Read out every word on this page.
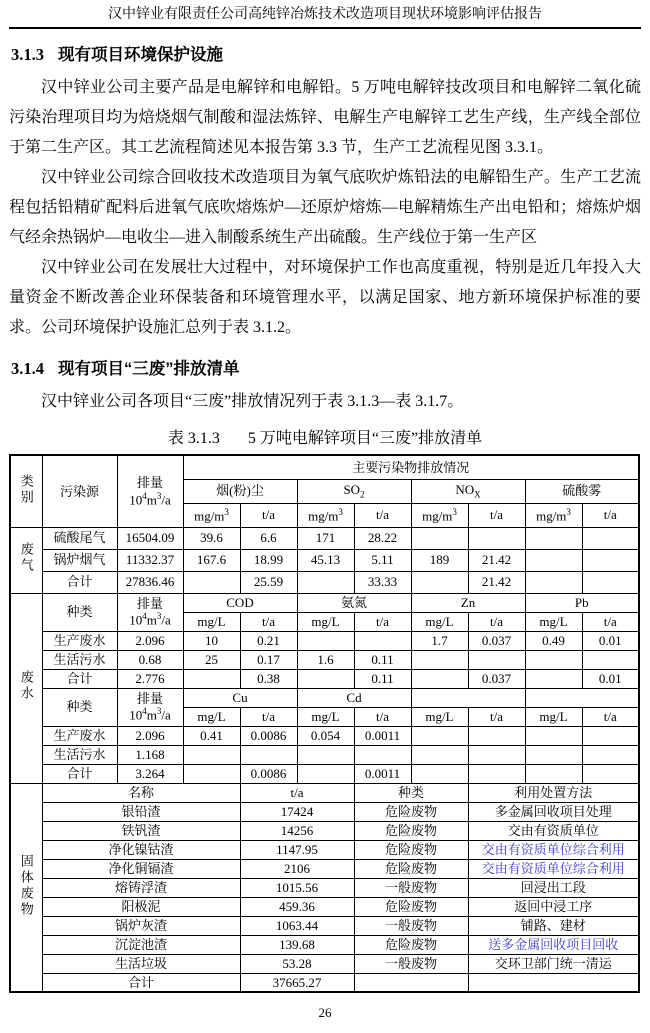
汉中锌业有限责任公司高纯锌冶炼技术改造项目现状环境影响评估报告
3.1.3 现有项目环境保护设施

汉中锌业公司主要产品是电解锌和电解铅。5 万吨电解锌技改项目和电解锌二氧化硫污染治理项目均为焙烧烟气制酸和湿法炼锌、电解生产电解锌工艺生产线，生产线全部位于第二生产区。其工艺流程简述见本报告第 3.3 节，生产工艺流程见图 3.3.1。

汉中锌业公司综合回收技术改造项目为氧气底吹炉炼铅法的电解铅生产。生产工艺流程包括铅精矿配料后进氧气底吹熔炼炉—还原炉熔炼—电解精炼生产出电铅和；熔炼炉烟气经余热锅炉—电收尘—进入制酸系统生产出硫酸。生产线位于第一生产区

汉中锌业公司在发展壮大过程中，对环境保护工作也高度重视，特别是近几年投入大量资金不断改善企业环保装备和环境管理水平，以满足国家、地方新环境保护标准的要求。公司环境保护设施汇总列于表 3.1.2。

3.1.4 现有项目“三废”排放清单

汉中锌业公司各项目“三废”排放情况列于表 3.1.3—表 3.1.7。

表 3.1.3 5 万吨电解锌项目“三废”排放清单
类别	污染源	排量
$10^4m^3/a$	主要污染物排放情况							
			烟(粉)尘		$SO_2$		$NO_X$		硫酸雾	
			$mg/m^3$	t/a	$mg/m^3$	t/a	$mg/m^3$	t/a	$mg/m^3$	t/a
废气	硫酸尾气	16504.09	39.6	6.6	171	28.22				
	锅炉烟气	11332.37	167.6	18.99	45.13	5.11	189	21.42		
	合计	27836.46		25.59		33.33		21.42		
废水	种类	排量
$10^4m^3/a$	COD		氨氮		Zn		Pb	
			mg/L	t/a	mg/L	t/a	mg/L	t/a	mg/L	t/a
	生产废水	2.096	10	0.21			1.7	0.037	0.49	0.01
	生活污水	0.68	25	0.17	1.6	0.11				
	合计	2.776		0.38		0.11		0.037		0.01
	种类	排量
$10^4m^3/a$	Cu		Cd					
			mg/L	t/a	mg/L	t/a	mg/L	t/a	mg/L	t/a
	生产废水	2.096	0.41	0.0086	0.054	0.0011				
	生活污水	1.168								
	合计	3.264		0.0086		0.0011				
固体废物	名称			t/a		种类		利用处置方法		
	银铅渣			17424		危险废物		多金属回收项目处理		
	铁钒渣			14256		危险废物		交由有资质单位		
	净化镍钴渣			1147.95		危险废物		交由有资质单位综合利用		
	净化铜镉渣			2106		危险废物		交由有资质单位综合利用		
	熔铸浮渣			1015.56		一般废物		回浸出工段		
	阳极泥			459.36		危险废物		返回中浸工序		
	锅炉灰渣			1063.44		一般废物		铺路、建材		
	沉淀池渣			139.68		危险废物		送多金属回收项目回收		
	生活垃圾			53.28		一般废物		交环卫部门统一清运		
	合计			37665.27						
26
